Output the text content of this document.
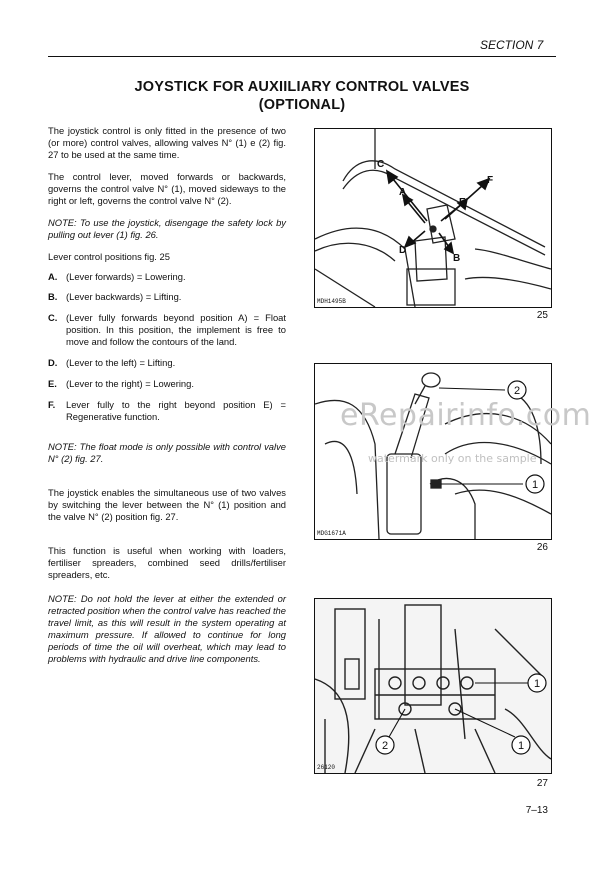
SECTION 7
JOYSTICK FOR AUXIILIARY CONTROL VALVES
(OPTIONAL)

The joystick control is only fitted in the presence of two (or more) control valves, allowing valves N° (1) e (2) fig. 27 to be used at the same time.

The control lever, moved forwards or backwards, governs the control valve N° (1), moved sideways to the right or left, governs the control valve N° (2).

NOTE: To use the joystick, disengage the safety lock by pulling out lever (1) fig. 26.

Lever control positions fig. 25

A. (Lever forwards) = Lowering.
B. (Lever backwards) = Lifting.
C. (Lever fully forwards beyond position A) = Float position. In this position, the implement is free to move and follow the contours of the land.
D. (Lever to the left) = Lifting.
E. (Lever to the right) = Lowering.
F.	Lever fully to the right beyond position E) = Regenerative function.

NOTE: The float mode is only possible with control valve N° (2) fig. 27.

The joystick enables the simultaneous use of two valves by switching the lever between the N° (1) position and the valve N° (2) position fig. 27.

This function is useful when working with loaders, fertiliser spreaders, combined seed drills/fertiliser spreaders, etc.

NOTE: Do not hold the lever at either the extended or retracted position when the control valve has reached the travel limit, as this will result in the system operating at maximum pressure. If allowed to continue for long periods of time the oil will overheat, which may lead to problems with hydraulic and drive line components.

C
A
E
F
D
B
MDH1495B
25
2
1
MDG1671A
26
1
2	1
26120
27
eRepairinfo.com
watermark only on the sample
7–13
